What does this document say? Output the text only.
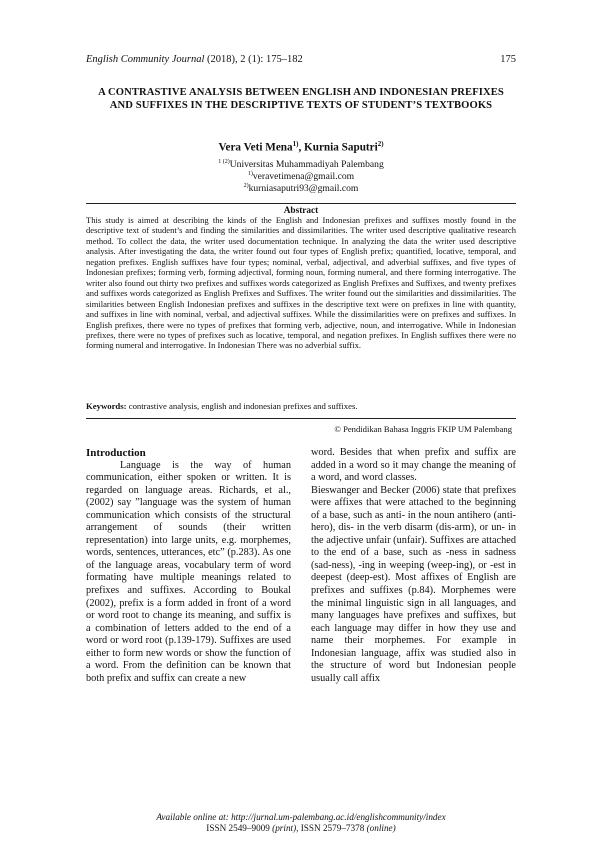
English Community Journal (2018), 2 (1): 175–182	175
A CONTRASTIVE ANALYSIS BETWEEN ENGLISH AND INDONESIAN PREFIXES AND SUFFIXES IN THE DESCRIPTIVE TEXTS OF STUDENT’S TEXTBOOKS
Vera Veti Mena$^{1)}$, Kurnia Saputri$^{2)}$
$^{1 (2)}$Universitas Muhammadiyah Palembang
$^{1)}$veravetimena@gmail.com
$^{2)}$kurniasaputri93@gmail.com
Abstract
This study is aimed at describing the kinds of the English and Indonesian prefixes and suffixes mostly found in the descriptive text of student’s and finding the similarities and dissimilarities. The writer used descriptive qualitative research method. To collect the data, the writer used documentation technique. In analyzing the data the writer used descriptive analysis. After investigating the data, the writer found out four types of English prefix; quantified, locative, temporal, and negation prefixes. English suffixes have four types; nominal, verbal, adjectival, and adverbial suffixes, and five types of Indonesian prefixes; forming verb, forming adjectival, forming noun, forming numeral, and there forming interrogative. The writer also found out thirty two prefixes and suffixes words categorized as English Prefixes and Suffixes, and twenty prefixes and suffixes words categorized as English Prefixes and Suffixes. The writer found out the similarities and dissimilarities. The similarities between English Indonesian prefixes and suffixes in the descriptive text were on prefixes in line with quantity, and suffixes in line with nominal, verbal, and adjectival suffixes. While the dissimilarities were on prefixes and suffixes. In English prefixes, there were no types of prefixes that forming verb, adjective, noun, and interrogative. While in Indonesian prefixes, there were no types of prefixes such as locative, temporal, and negation prefixes. In English suffixes there were no forming numeral and interrogative. In Indonesian There was no adverbial suffix.
Keywords: contrastive analysis, english and indonesian prefixes and suffixes.
© Pendidikan Bahasa Inggris FKIP UM Palembang

Introduction

Language is the way of human communication, either spoken or written. It is regarded on language areas. Richards, et al., (2002) say ”language was the system of human communication which consists of the structural arrangement of sounds (their written representation) into large units, e.g. morphemes, words, sentences, utterances, etc” (p.283). As one of the language areas, vocabulary term of word formating have multiple meanings related to prefixes and suffixes. According to Boukal (2002), prefix is a form added in front of a word or word root to change its meaning, and suffix is a combination of letters added to the end of a word or word root (p.139-179). Suffixes are used either to form new words or show the function of a word. From the definition can be known that both prefix and suffix can create a new

word. Besides that when prefix and suffix are added in a word so it may change the meaning of a word, and word classes.

Bieswanger and Becker (2006) state that prefixes were affixes that were attached to the beginning of a base, such as anti- in the noun antihero (anti-hero), dis- in the verb disarm (dis-arm), or un- in the adjective unfair (unfair). Suffixes are attached to the end of a base, such as -ness in sadness (sad-ness), -ing in weeping (weep-ing), or -est in deepest (deep-est). Most affixes of English are prefixes and suffixes (p.84). Morphemes were the minimal linguistic sign in all languages, and many languages have prefixes and suffixes, but each language may differ in how they use and name their morphemes. For example in Indonesian language, affix was studied also in the structure of word but Indonesian people usually call affix

Available online at: http://jurnal.um-palembang.ac.id/englishcommunity/index
ISSN 2549–9009 (print), ISSN 2579–7378 (online)
